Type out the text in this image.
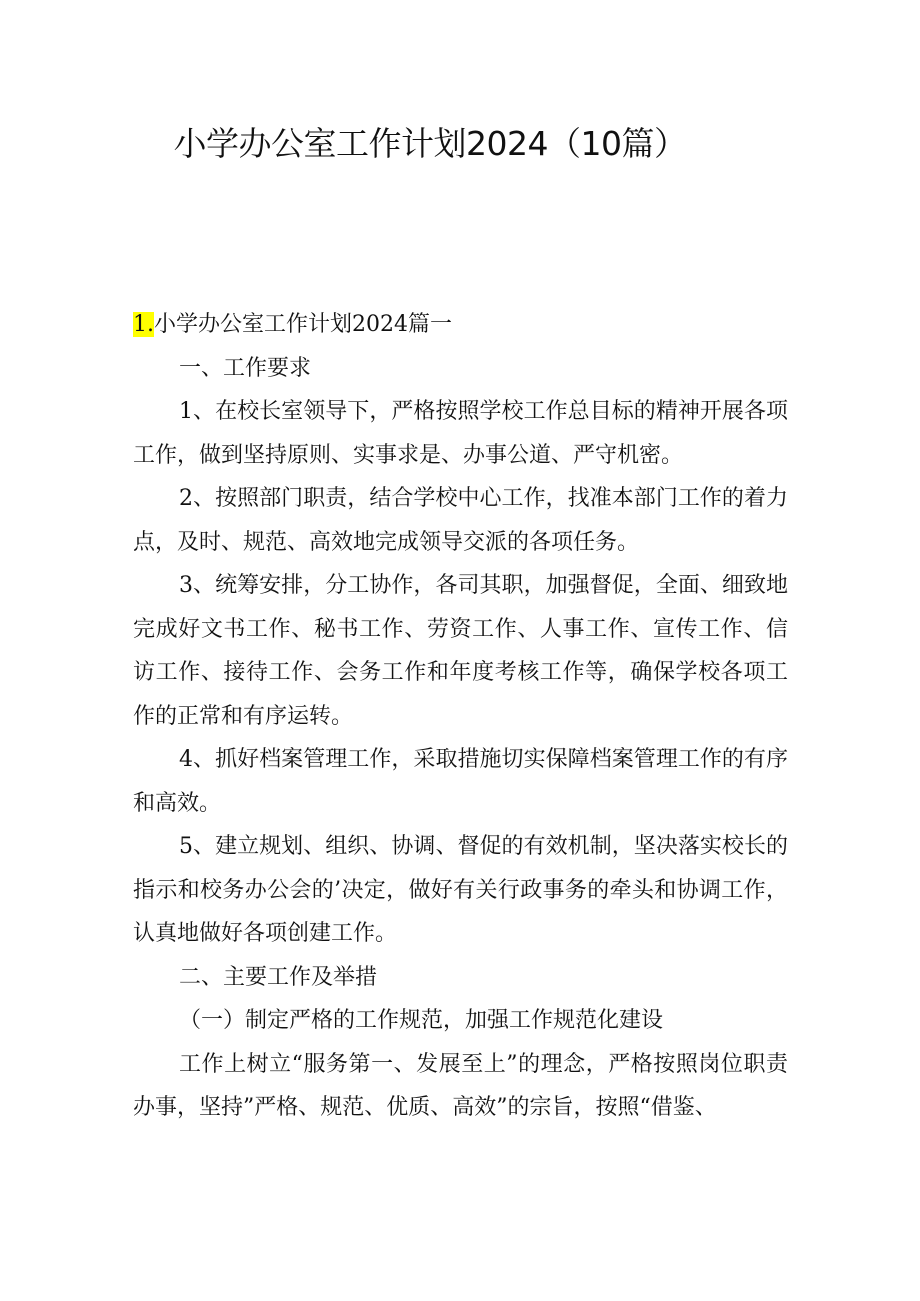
小学办公室工作计划2024（10篇）

1.小学办公室工作计划2024篇一

一、工作要求

1、在校长室领导下，严格按照学校工作总目标的精神开展各项工作，做到坚持原则、实事求是、办事公道、严守机密。

2、按照部门职责，结合学校中心工作，找准本部门工作的着力点，及时、规范、高效地完成领导交派的各项任务。

3、统筹安排，分工协作，各司其职，加强督促，全面、细致地完成好文书工作、秘书工作、劳资工作、人事工作、宣传工作、信访工作、接待工作、会务工作和年度考核工作等，确保学校各项工作的正常和有序运转。

4、抓好档案管理工作，采取措施切实保障档案管理工作的有序和高效。

5、建立规划、组织、协调、督促的有效机制，坚决落实校长的指示和校务办公会的’决定，做好有关行政事务的牵头和协调工作，认真地做好各项创建工作。

二、主要工作及举措

（一）制定严格的工作规范，加强工作规范化建设

工作上树立“服务第一、发展至上”的理念，严格按照岗位职责办事，坚持”严格、规范、优质、高效”的宗旨，按照“借鉴、
